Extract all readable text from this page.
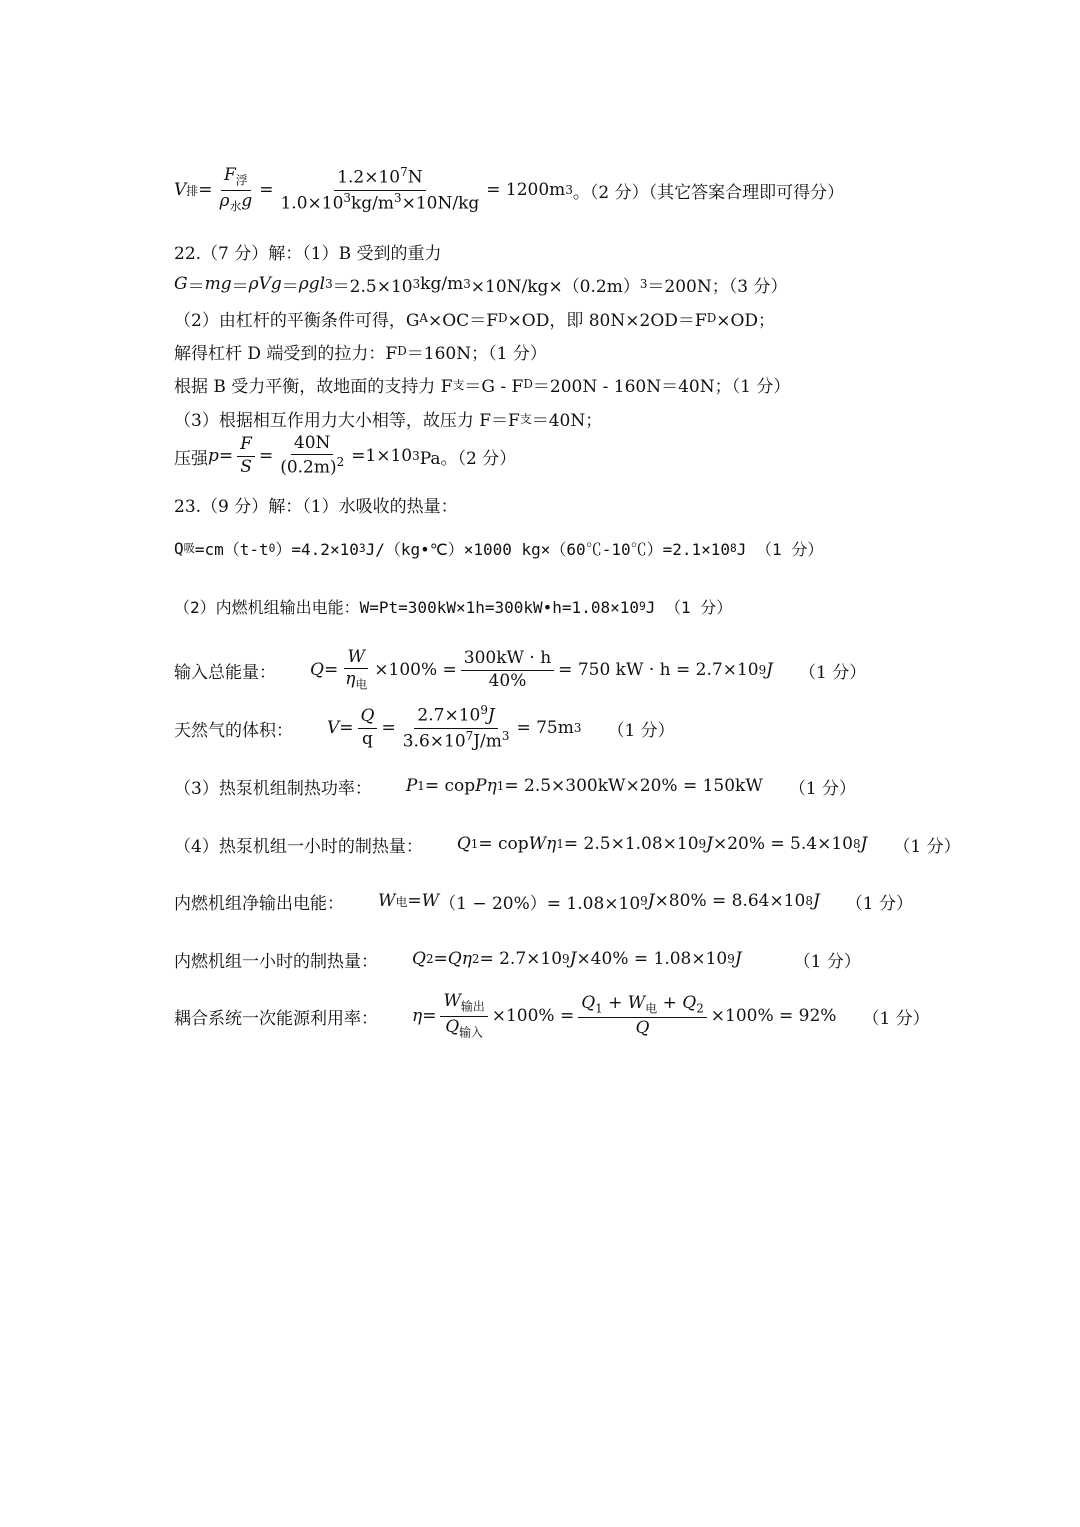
V 排 = $\frac{F_浮}{\rho_水g} = \frac{1.2\times 10^7N}{1.0\times 10^3kg/m^3\times 10N/kg} = 1200m$ 3 。（2 分）（其它答案合理即可得分）
22.（7 分）解：（1）B 受到的重力
G ＝ mg ＝ ρVg ＝ ρgl 3 ＝2.5×10 3 kg/m 3 ×10N/kg×（0.2m） 3 ＝200N；（3 分）
（2）由杠杆的平衡条件可得，G A ×OC＝F D ×OD，即 80N×2OD＝F D ×OD；
解得杠杆 D 端受到的拉力：F D ＝160N；（1 分）
根据 B 受力平衡，故地面的支持力 F 支 ＝G - F D ＝200N - 160N＝40N；（1 分）
（3）根据相互作用力大小相等，故压力 F＝F 支 ＝40N；
压强 $p = \frac{F}{S} = \frac{40N}{(0.2m)^2} =1\times 10$ 3 Pa。（2 分）
23.（9 分）解：（1）水吸收的热量：
Q 吸 =cm（t-t 0 ）=4.2×10 3 J/（kg•℃）×1000 kg×（60℃-10℃）=2.1×10 8 J （1 分）
（2）内燃机组输出电能：W=Pt=300kW×1h=300kW•h=1.08×10 9 J （1 分）
输入总能量： $Q = \frac{W}{\eta_电} \times 100\% = \frac{300kW \cdot h}{40\%} = 750$ kW · h = 2.7×10 9 J （1 分）
天然气的体积： $V = \frac{Q}{q} = \frac{2.7\times 10^9J}{3.6\times 10^7J/m^3} = 75m$ 3 （1 分）
（3）热泵机组制热功率： P 1 = cop Pη 1 = 2.5×300kW×20% = 150kW （1 分）
（4）热泵机组一小时的制热量： Q 1 = cop Wη 1 = 2.5×1.08×10 9 J ×20% = 5.4×10 8 J （1 分）
内燃机组净输出电能： W 电 = W （1 − 20%）= 1.08×10 9 J ×80% = 8.64×10 8 J （1 分）
内燃机组一小时的制热量： Q 2 = Qη 2 = 2.7×10 9 J ×40% = 1.08×10 9 J	（1 分）
耦合系统一次能源利用率： $\eta = \frac{W_{输出}}{Q_{输入}} \times 100\% = \frac{Q_1 + W_电 + Q_2}{Q} \times 100\% = 92\%$ （1 分）
